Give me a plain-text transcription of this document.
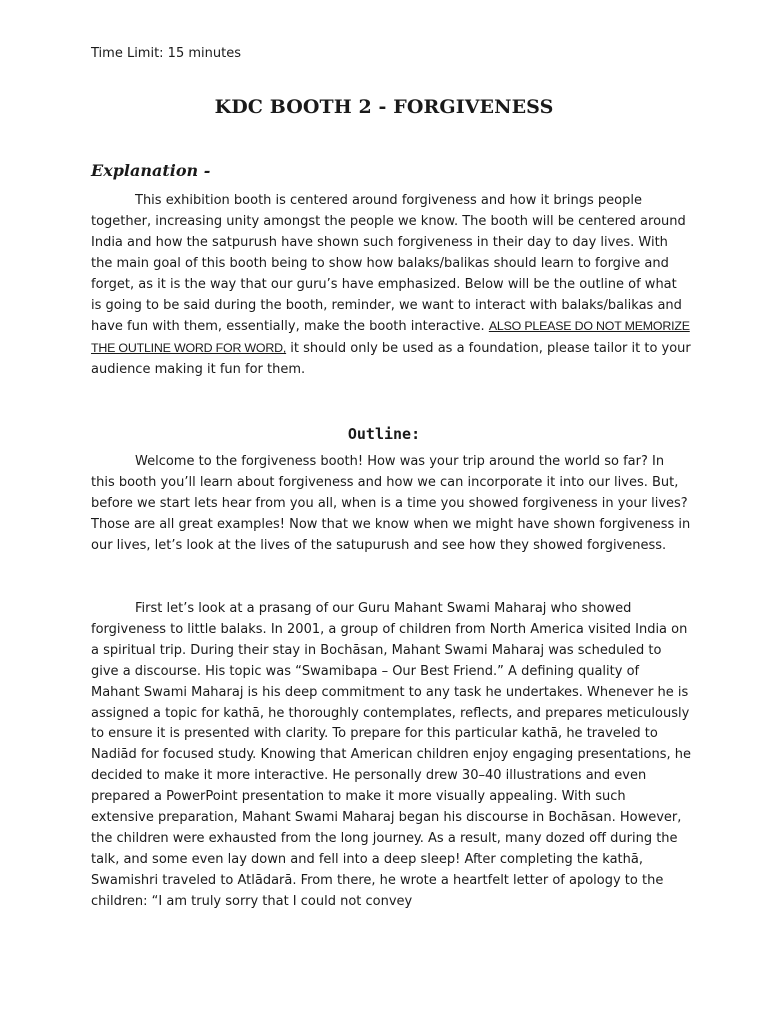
Time Limit: 15 minutes
KDC BOOTH 2 - FORGIVENESS
Explanation -

This exhibition booth is centered around forgiveness and how it brings people together, increasing unity amongst the people we know. The booth will be centered around India and how the satpurush have shown such forgiveness in their day to day lives. With the main goal of this booth being to show how balaks/balikas should learn to forgive and forget, as it is the way that our guru’s have emphasized. Below will be the outline of what is going to be said during the booth, reminder, we want to interact with balaks/balikas and have fun with them, essentially, make the booth interactive. ALSO PLEASE DO NOT MEMORIZE THE OUTLINE WORD FOR WORD, it should only be used as a foundation, please tailor it to your audience making it fun for them.

Outline:

Welcome to the forgiveness booth! How was your trip around the world so far? In this booth you’ll learn about forgiveness and how we can incorporate it into our lives. But, before we start lets hear from you all, when is a time you showed forgiveness in your lives? Those are all great examples! Now that we know when we might have shown forgiveness in our lives, let’s look at the lives of the satupurush and see how they showed forgiveness.

First let’s look at a prasang of our Guru Mahant Swami Maharaj who showed forgiveness to little balaks. In 2001, a group of children from North America visited India on a spiritual trip. During their stay in Bochāsan, Mahant Swami Maharaj was scheduled to give a discourse. His topic was “Swamibapa – Our Best Friend.” A defining quality of Mahant Swami Maharaj is his deep commitment to any task he undertakes. Whenever he is assigned a topic for kathā, he thoroughly contemplates, reflects, and prepares meticulously to ensure it is presented with clarity. To prepare for this particular kathā, he traveled to Nadiād for focused study. Knowing that American children enjoy engaging presentations, he decided to make it more interactive. He personally drew 30–40 illustrations and even prepared a PowerPoint presentation to make it more visually appealing. With such extensive preparation, Mahant Swami Maharaj began his discourse in Bochāsan. However, the children were exhausted from the long journey. As a result, many dozed off during the talk, and some even lay down and fell into a deep sleep! After completing the kathā, Swamishri traveled to Atlādarā. From there, he wrote a heartfelt letter of apology to the children: “I am truly sorry that I could not convey
